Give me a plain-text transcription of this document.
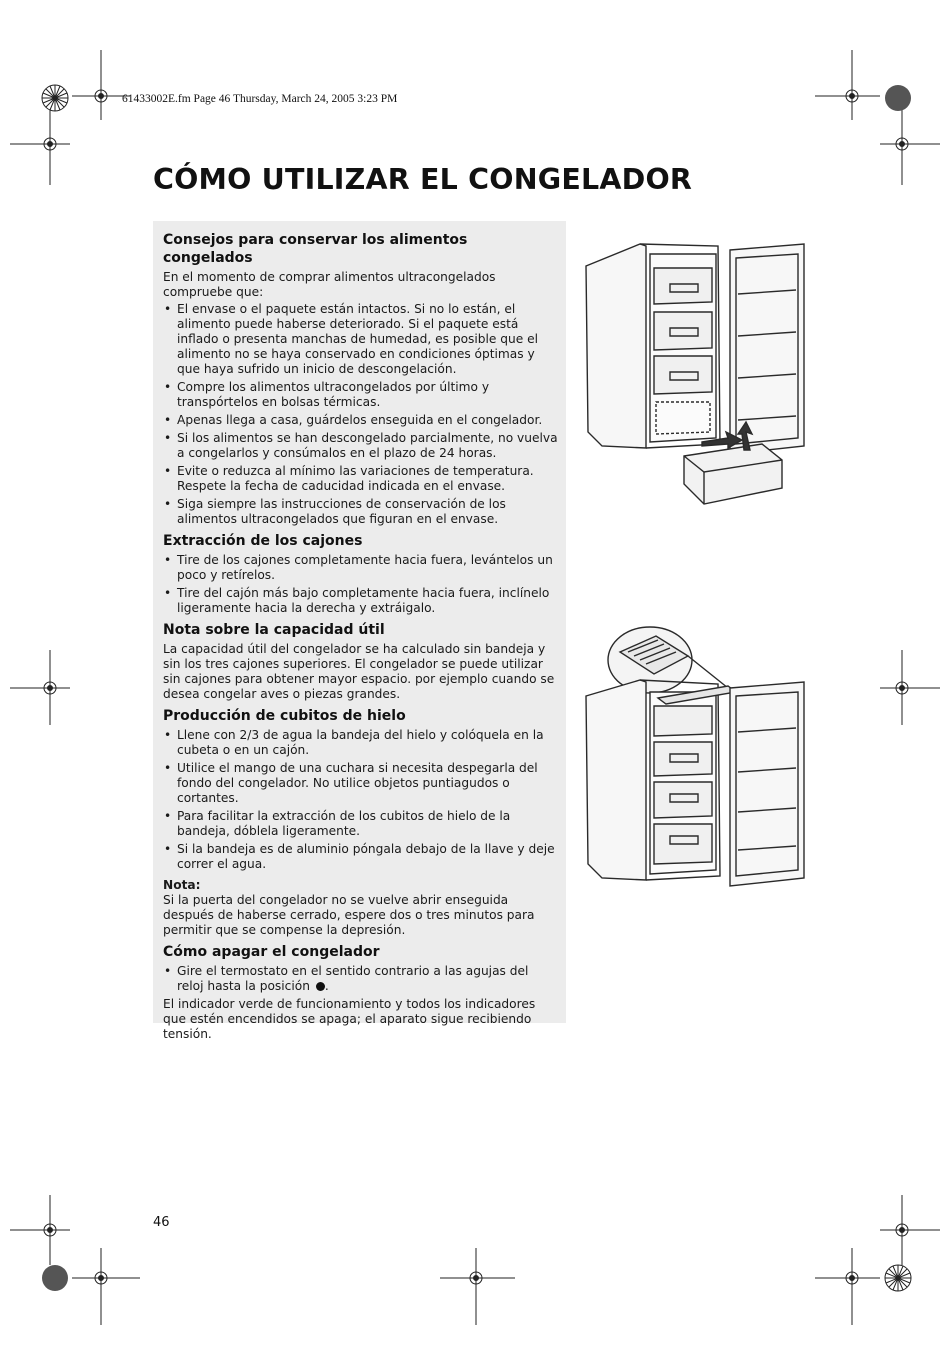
61433002E.fm Page 46 Thursday, March 24, 2005 3:23 PM
CÓMO UTILIZAR EL CONGELADOR
Consejos para conservar los alimentos congelados

En el momento de comprar alimentos ultracongelados compruebe que:

• El envase o el paquete están intactos. Si no lo están, el alimento puede haberse deteriorado. Si el paquete está inflado o presenta manchas de humedad, es posible que el alimento no se haya conservado en condiciones óptimas y que haya sufrido un inicio de descongelación.
• Compre los alimentos ultracongelados por último y transpórtelos en bolsas térmicas.
• Apenas llega a casa, guárdelos enseguida en el congelador.
• Si los alimentos se han descongelado parcialmente, no vuelva a congelarlos y consúmalos en el plazo de 24 horas.
• Evite o reduzca al mínimo las variaciones de temperatura. Respete la fecha de caducidad indicada en el envase.
• Siga siempre las instrucciones de conservación de los alimentos ultracongelados que figuran en el envase.
Extracción de los cajones
• Tire de los cajones completamente hacia fuera, levántelos un poco y retírelos.
• Tire del cajón más bajo completamente hacia fuera, inclínelo ligeramente hacia la derecha y extráigalo.
Nota sobre la capacidad útil

La capacidad útil del congelador se ha calculado sin bandeja y sin los tres cajones superiores. El congelador se puede utilizar sin cajones para obtener mayor espacio. por ejemplo cuando se desea congelar aves o piezas grandes.

Producción de cubitos de hielo
• Llene con 2/3 de agua la bandeja del hielo y colóquela en la cubeta o en un cajón.
• Utilice el mango de una cuchara si necesita despegarla del fondo del congelador. No utilice objetos puntiagudos o cortantes.
• Para facilitar la extracción de los cubitos de hielo de la bandeja, dóblela ligeramente.
• Si la bandeja es de aluminio póngala debajo de la llave y deje correr el agua.

Nota:

Si la puerta del congelador no se vuelve abrir enseguida después de haberse cerrado, espere dos o tres minutos para permitir que se compense la depresión.

Cómo apagar el congelador
• Gire el termostato en el sentido contrario a las agujas del reloj hasta la posición .

El indicador verde de funcionamiento y todos los indicadores que estén encendidos se apaga; el aparato sigue recibiendo tensión.

46
